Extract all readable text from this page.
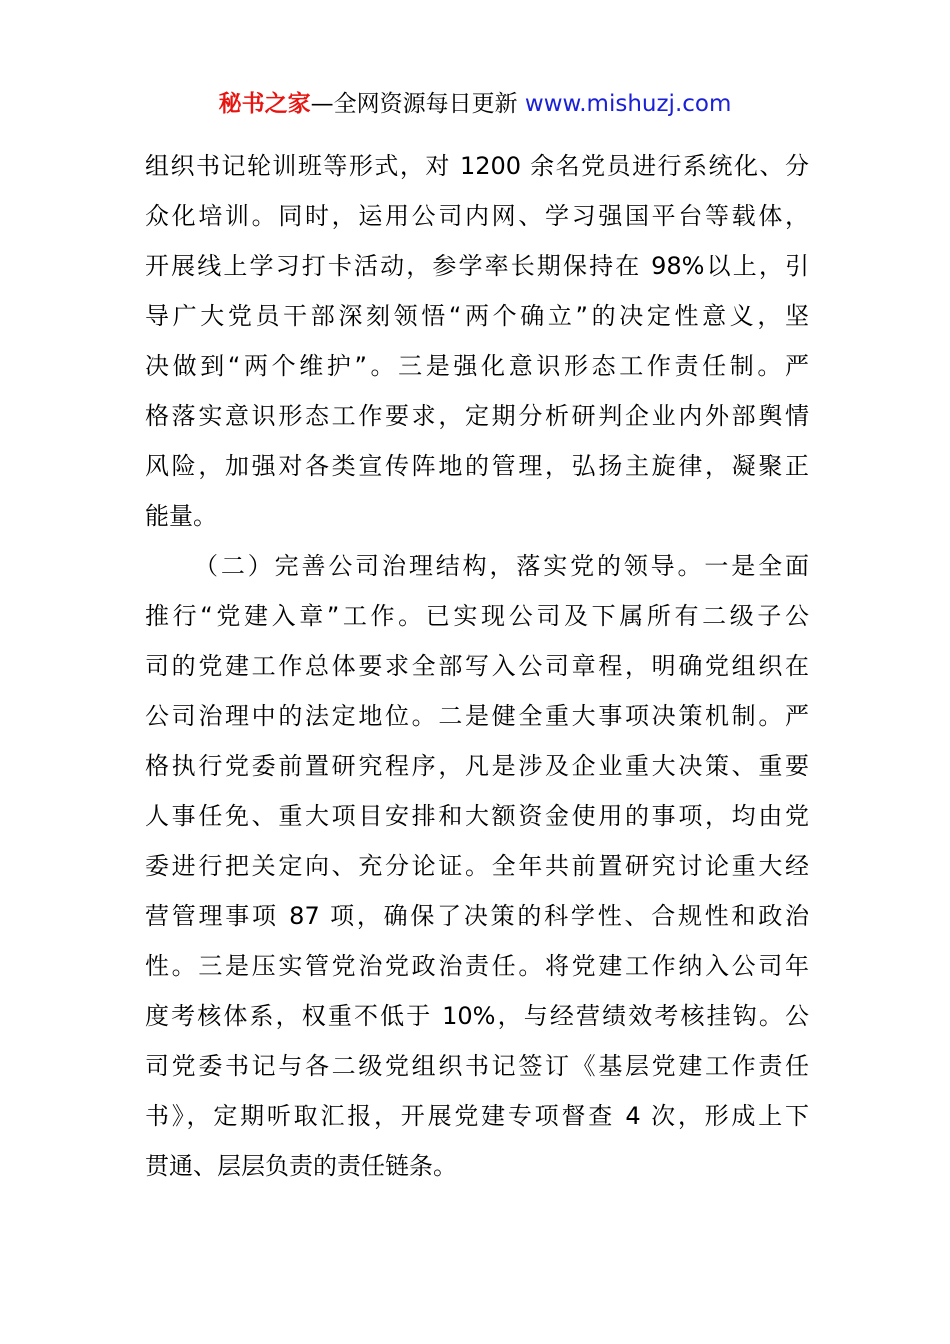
秘书之家—全网资源每日更新 www.mishuzj.com
组织书记轮训班等形式，对 1200 余名党员进行系统化、分
众化培训。同时，运用公司内网、学习强国平台等载体，
开展线上学习打卡活动，参学率长期保持在 98%以上，引
导广大党员干部深刻领悟“两个确立”的决定性意义，坚
决做到“两个维护”。三是强化意识形态工作责任制。严
格落实意识形态工作要求，定期分析研判企业内外部舆情
风险，加强对各类宣传阵地的管理，弘扬主旋律，凝聚正
能量。
（二）完善公司治理结构，落实党的领导。一是全面
推行“党建入章”工作。已实现公司及下属所有二级子公
司的党建工作总体要求全部写入公司章程，明确党组织在
公司治理中的法定地位。二是健全重大事项决策机制。严
格执行党委前置研究程序，凡是涉及企业重大决策、重要
人事任免、重大项目安排和大额资金使用的事项，均由党
委进行把关定向、充分论证。全年共前置研究讨论重大经
营管理事项 87 项，确保了决策的科学性、合规性和政治
性。三是压实管党治党政治责任。将党建工作纳入公司年
度考核体系，权重不低于 10%，与经营绩效考核挂钩。公
司党委书记与各二级党组织书记签订《基层党建工作责任
书》，定期听取汇报，开展党建专项督查 4 次，形成上下
贯通、层层负责的责任链条。
